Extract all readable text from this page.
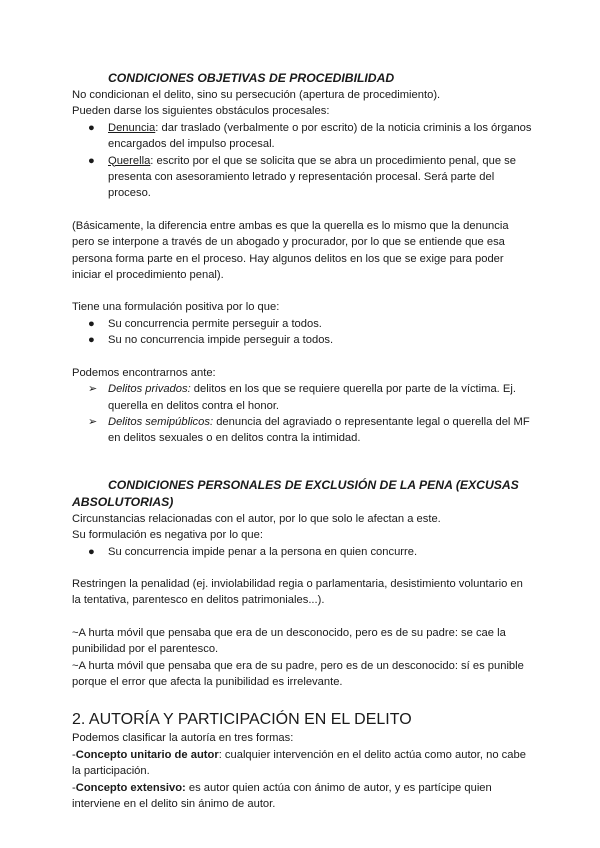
CONDICIONES OBJETIVAS DE PROCEDIBILIDAD

No condicionan el delito, sino su persecución (apertura de procedimiento).

Pueden darse los siguientes obstáculos procesales:

● Denuncia: dar traslado (verbalmente o por escrito) de la noticia criminis a los órganos encargados del impulso procesal.
● Querella: escrito por el que se solicita que se abra un procedimiento penal, que se presenta con asesoramiento letrado y representación procesal. Será parte del proceso.

(Básicamente, la diferencia entre ambas es que la querella es lo mismo que la denuncia pero se interpone a través de un abogado y procurador, por lo que se entiende que esa persona forma parte en el proceso. Hay algunos delitos en los que se exige para poder iniciar el procedimiento penal).

Tiene una formulación positiva por lo que:

● Su concurrencia permite perseguir a todos.
● Su no concurrencia impide perseguir a todos.

Podemos encontrarnos ante:

➢ Delitos privados: delitos en los que se requiere querella por parte de la víctima. Ej. querella en delitos contra el honor.
➢ Delitos semipúblicos: denuncia del agraviado o representante legal o querella del MF en delitos sexuales o en delitos contra la intimidad.

CONDICIONES PERSONALES DE EXCLUSIÓN DE LA PENA (EXCUSAS ABSOLUTORIAS)

Circunstancias relacionadas con el autor, por lo que solo le afectan a este.

Su formulación es negativa por lo que:

● Su concurrencia impide penar a la persona en quien concurre.

Restringen la penalidad (ej. inviolabilidad regia o parlamentaria, desistimiento voluntario en la tentativa, parentesco en delitos patrimoniales...).

~A hurta móvil que pensaba que era de un desconocido, pero es de su padre: se cae la punibilidad por el parentesco.

~A hurta móvil que pensaba que era de su padre, pero es de un desconocido: sí es punible porque el error que afecta la punibilidad es irrelevante.

2. AUTORÍA Y PARTICIPACIÓN EN EL DELITO

Podemos clasificar la autoría en tres formas:

-Concepto unitario de autor: cualquier intervención en el delito actúa como autor, no cabe la participación.

-Concepto extensivo: es autor quien actúa con ánimo de autor, y es partícipe quien interviene en el delito sin ánimo de autor.
